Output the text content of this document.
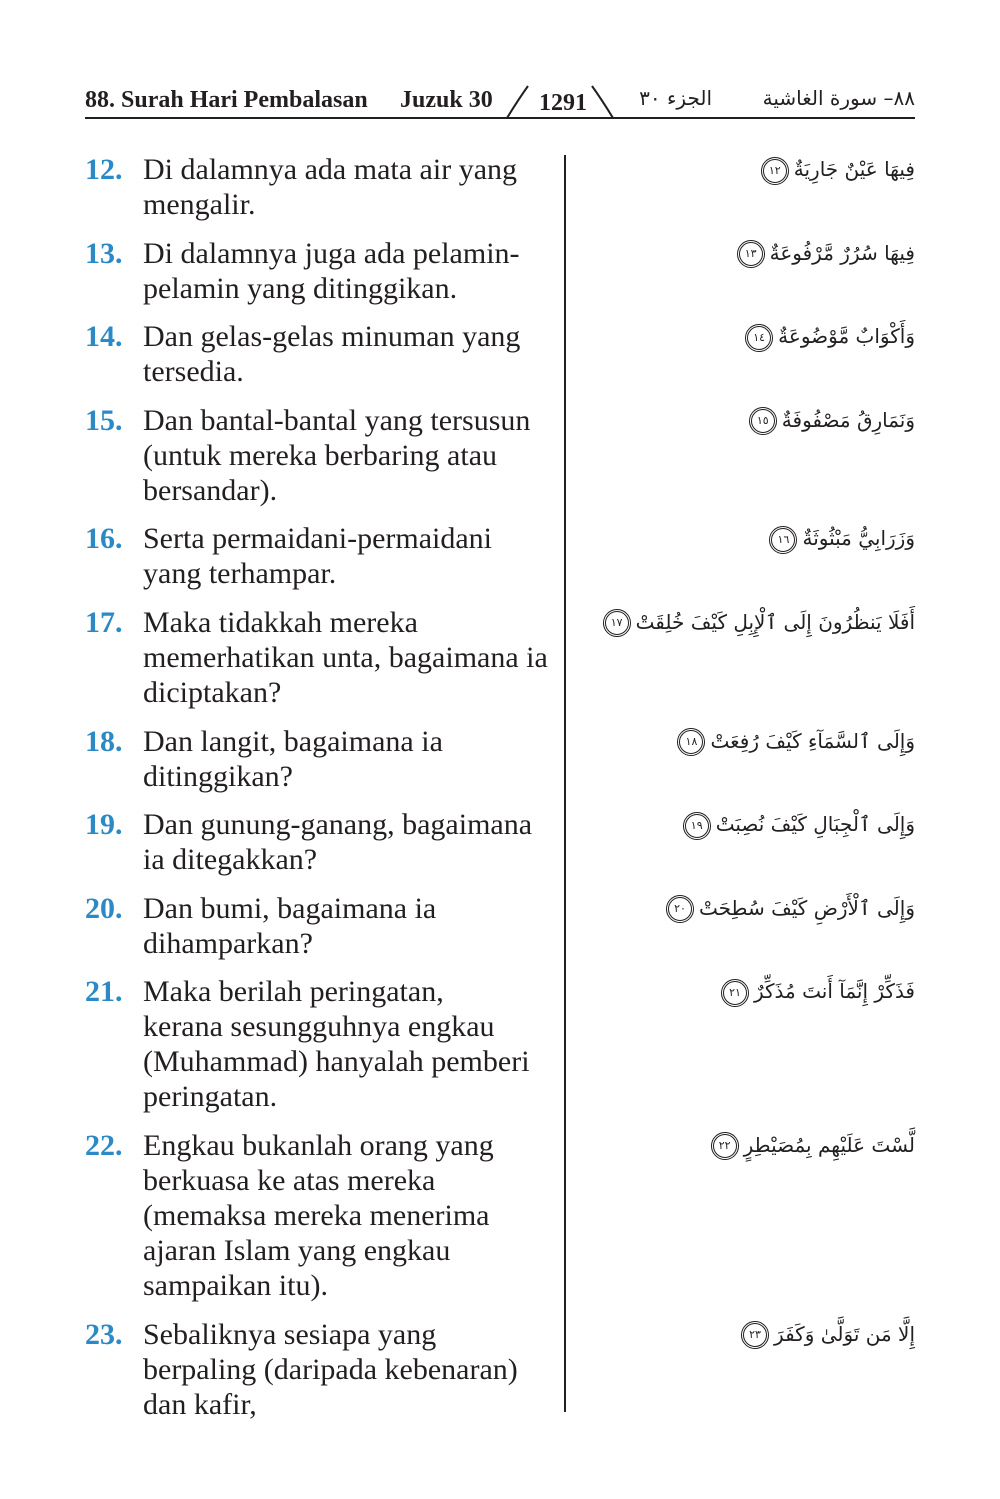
88. Surah Hari Pembalasan Juzuk 30	1291	الجزء ٣٠	٨٨– سورة الغاشية
12. Di dalamnya ada mata air yang
mengalir.
فِيهَا عَيْنٌ جَارِيَةٌ١٢
13. Di dalamnya juga ada pelamin-
pelamin yang ditinggikan.
فِيهَا سُرُرٌ مَّرْفُوعَةٌ١٣
14. Dan gelas-gelas minuman yang
tersedia.
وَأَكْوَابٌ مَّوْضُوعَةٌ١٤
15. Dan bantal-bantal yang tersusun
(untuk mereka berbaring atau
bersandar).
وَنَمَارِقُ مَصْفُوفَةٌ١٥
16. Serta permaidani-permaidani
yang terhampar.
وَزَرَابِيُّ مَبْثُوثَةٌ١٦
17. Maka tidakkah mereka
memerhatikan unta, bagaimana ia
diciptakan?
أَفَلَا يَنظُرُونَ إِلَى ٱلْإِبِلِ كَيْفَ خُلِقَتْ١٧
18. Dan langit, bagaimana ia
ditinggikan?
وَإِلَى ٱلسَّمَآءِ كَيْفَ رُفِعَتْ١٨
19. Dan gunung-ganang, bagaimana
ia ditegakkan?
وَإِلَى ٱلْجِبَالِ كَيْفَ نُصِبَتْ١٩
20. Dan bumi, bagaimana ia
dihamparkan?
وَإِلَى ٱلْأَرْضِ كَيْفَ سُطِحَتْ٢٠
21. Maka berilah peringatan,
kerana sesungguhnya engkau
(Muhammad) hanyalah pemberi
peringatan.
فَذَكِّرْ إِنَّمَآ أَنتَ مُذَكِّرٌ٢١
22. Engkau bukanlah orang yang
berkuasa ke atas mereka
(memaksa mereka menerima
ajaran Islam yang engkau
sampaikan itu).
لَّسْتَ عَلَيْهِم بِمُصَيْطِرٍ٢٢
23. Sebaliknya sesiapa yang
berpaling (daripada kebenaran)
dan kafir,
إِلَّا مَن تَوَلَّىٰ وَكَفَرَ٢٣
